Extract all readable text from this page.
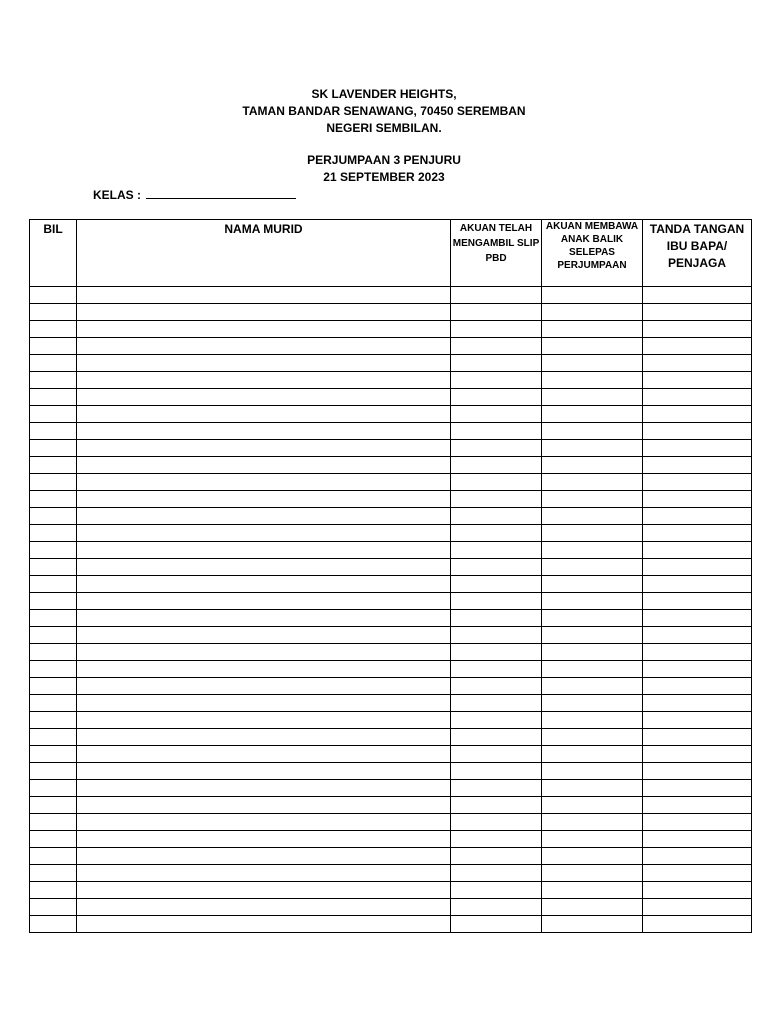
SK LAVENDER HEIGHTS,
TAMAN BANDAR SENAWANG, 70450 SEREMBAN
NEGERI SEMBILAN.
PERJUMPAAN 3 PENJURU
21 SEPTEMBER 2023
KELAS :
BIL	NAMA MURID	AKUAN TELAH MENGAMBIL SLIP PBD	AKUAN MEMBAWA ANAK BALIK SELEPAS PERJUMPAAN	TANDA TANGAN IBU BAPA/ PENJAGA
